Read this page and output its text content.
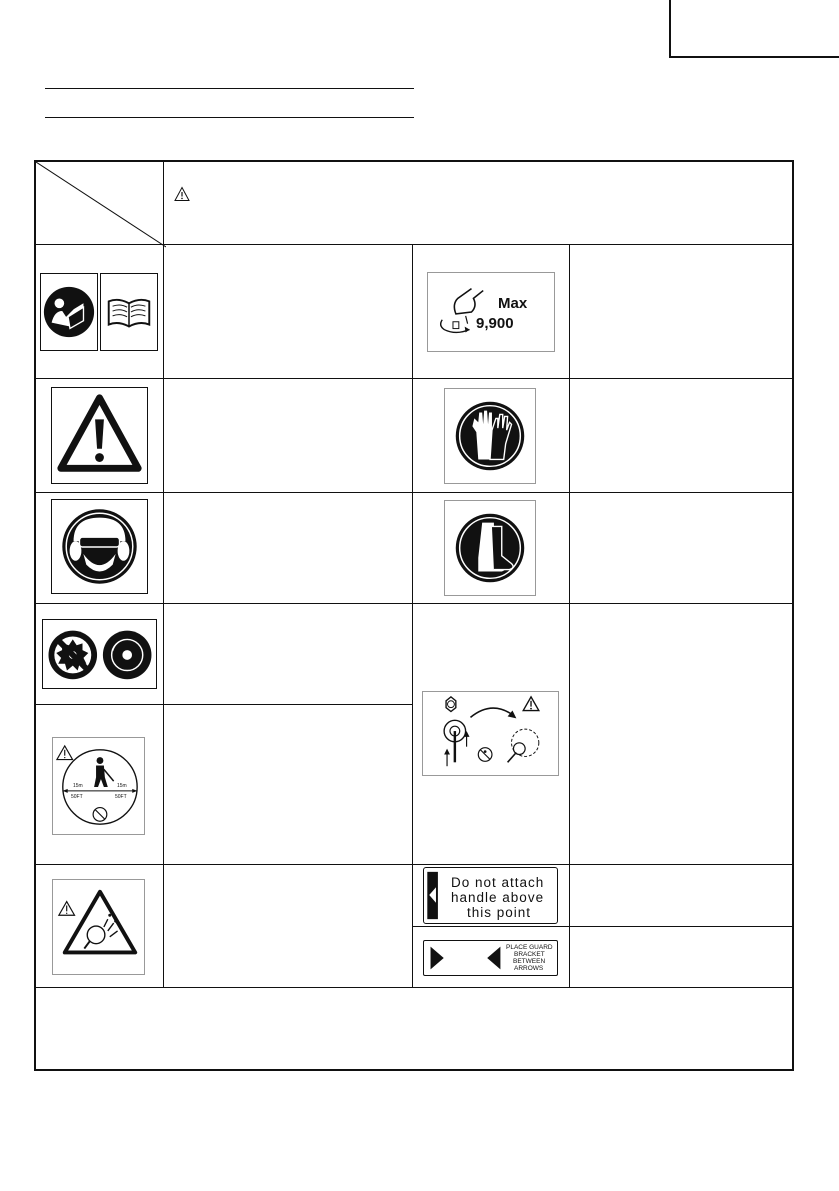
Max
9,900
15m	15m
50FT	50FT
Do not attach
handle above
this point
PLACE GUARD
BRACKET
BETWEEN
ARROWS
